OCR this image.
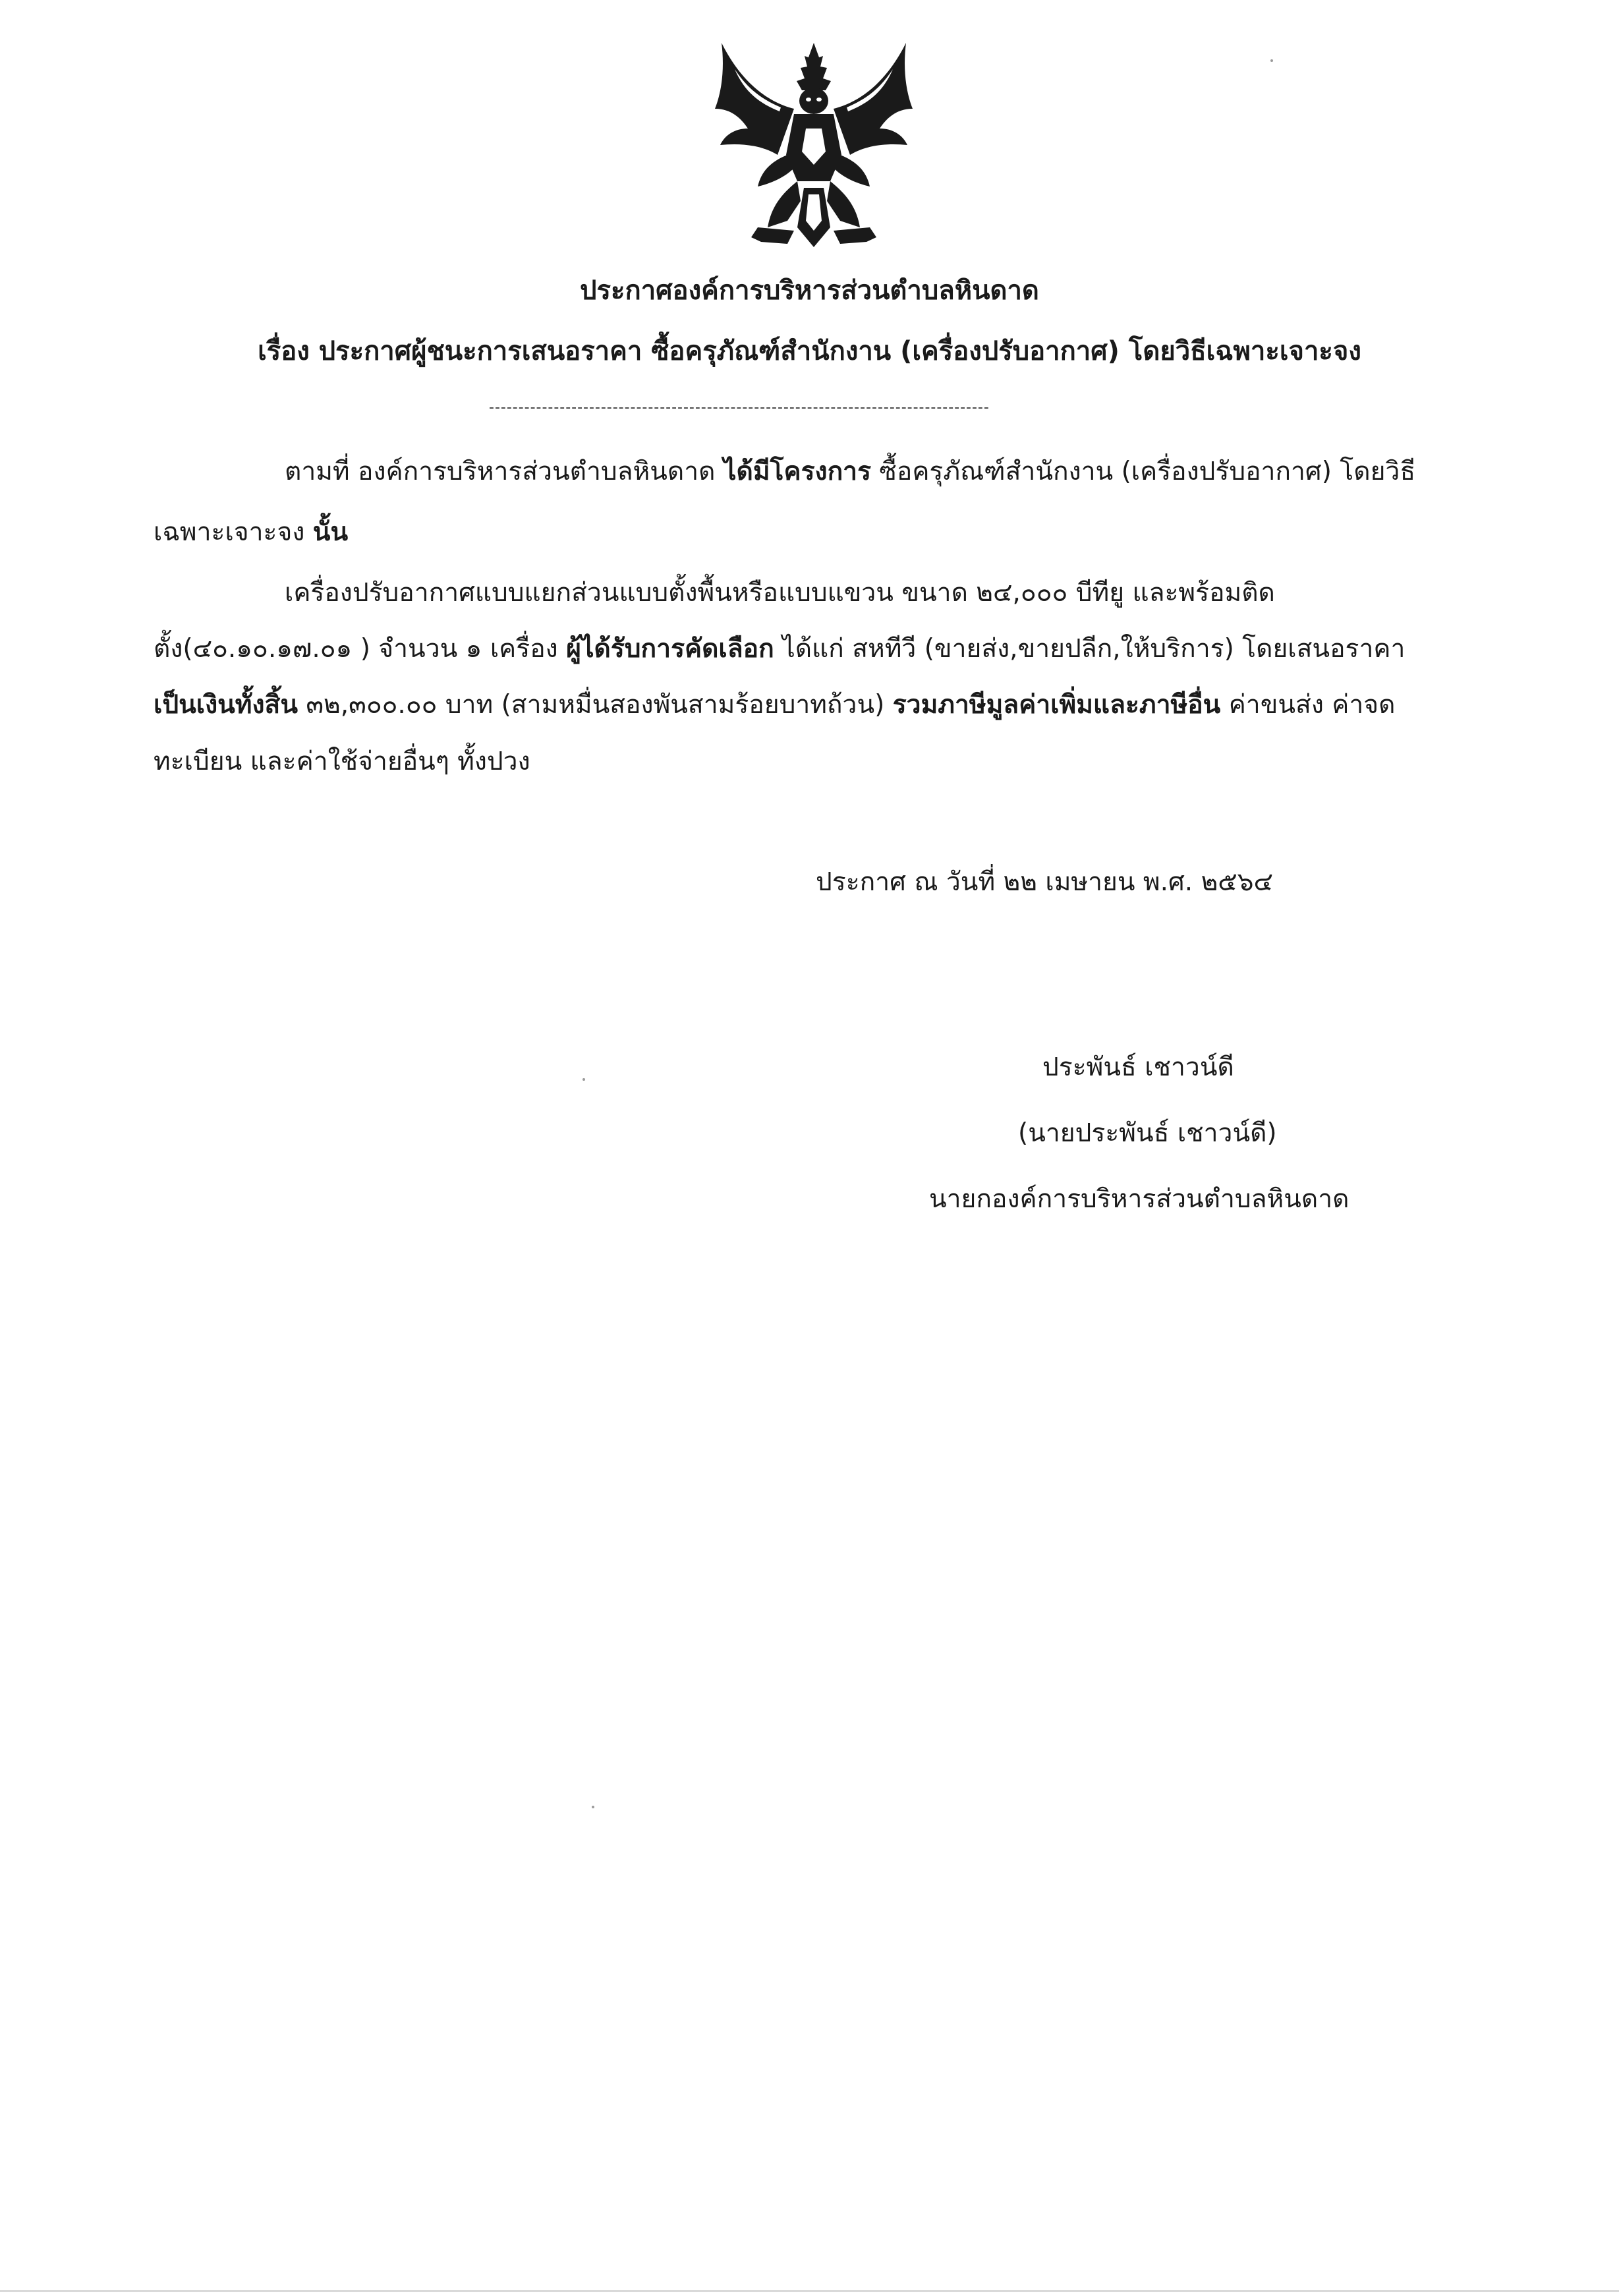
ประกาศองค์การบริหารส่วนตำบลหินดาด
เรื่อง ประกาศผู้ชนะการเสนอราคา ซื้อครุภัณฑ์สำนักงาน (เครื่องปรับอากาศ) โดยวิธีเฉพาะเจาะจง
-------------------------------------------------------------------------------------
ตามที่ องค์การบริหารส่วนตำบลหินดาด ได้มีโครงการ ซื้อครุภัณฑ์สำนักงาน (เครื่องปรับอากาศ) โดยวิธี
เฉพาะเจาะจง นั้น
เครื่องปรับอากาศแบบแยกส่วนแบบตั้งพื้นหรือแบบแขวน ขนาด ๒๔,๐๐๐ บีทียู และพร้อมติด
ตั้ง(๔๐.๑๐.๑๗.๐๑ ) จำนวน ๑ เครื่อง ผู้ได้รับการคัดเลือก ได้แก่ สหทีวี (ขายส่ง,ขายปลีก,ให้บริการ) โดยเสนอราคา
เป็นเงินทั้งสิ้น ๓๒,๓๐๐.๐๐ บาท (สามหมื่นสองพันสามร้อยบาทถ้วน) รวมภาษีมูลค่าเพิ่มและภาษีอื่น ค่าขนส่ง ค่าจด
ทะเบียน และค่าใช้จ่ายอื่นๆ ทั้งปวง
ประกาศ ณ วันที่ ๒๒ เมษายน พ.ศ. ๒๕๖๔
ประพันธ์ เชาวน์ดี
(นายประพันธ์ เชาวน์ดี)
นายกองค์การบริหารส่วนตำบลหินดาด
